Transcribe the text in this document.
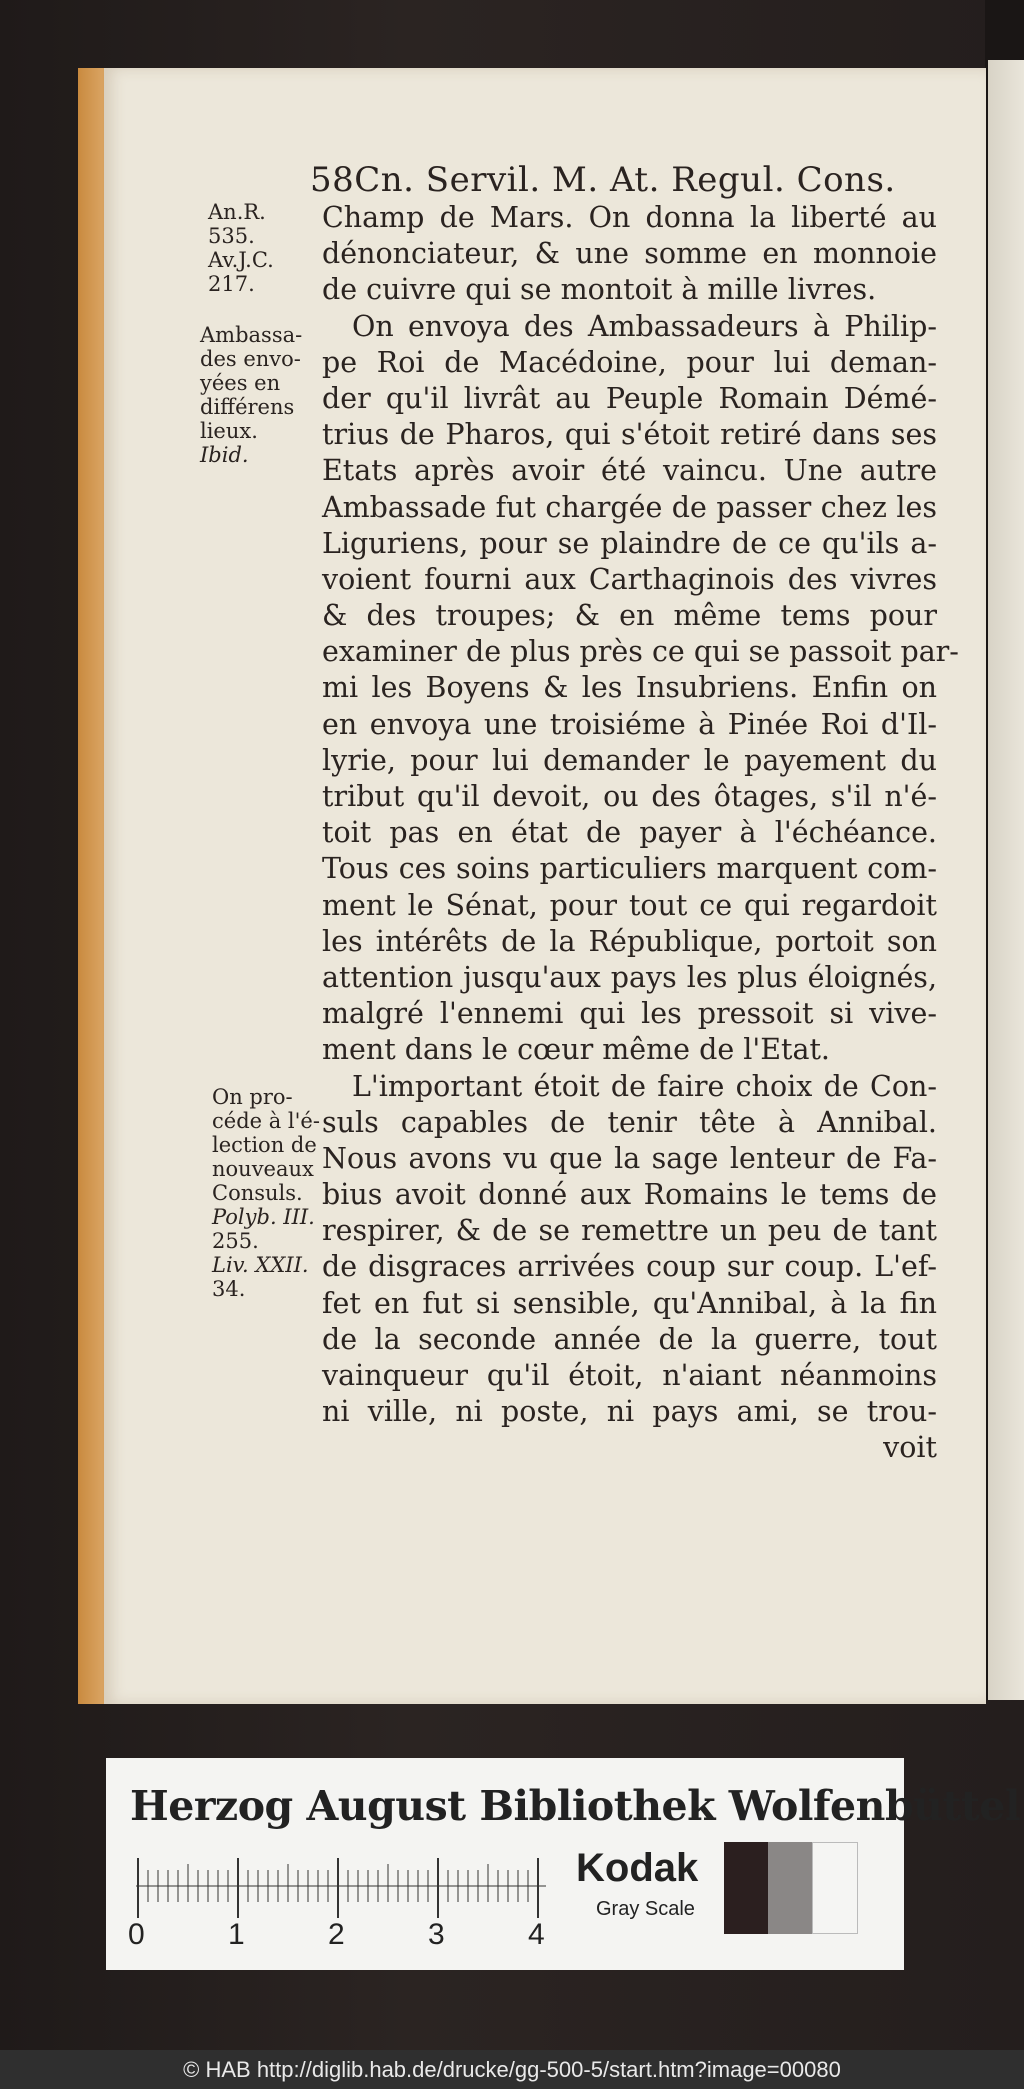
58Cn. Servil. M. At. Regul. Cons.
An.R.
535.
Av.J.C.
217.
Ambassa-
des envo-
yées en
différens
lieux.
Ibid.
On pro-
céde à l'é-
lection de
nouveaux
Consuls.
Polyb. III.
255.
Liv. XXII.
34.
Champ de Mars. On donna la liberté au
dénonciateur, & une somme en monnoie
de cuivre qui se montoit à mille livres.
On envoya des Ambassadeurs à Philip-
pe Roi de Macédoine, pour lui deman-
der qu'il livrât au Peuple Romain Démé-
trius de Pharos, qui s'étoit retiré dans ses
Etats après avoir été vaincu. Une autre
Ambassade fut chargée de passer chez les
Liguriens, pour se plaindre de ce qu'ils a-
voient fourni aux Carthaginois des vivres
& des troupes; & en même tems pour
examiner de plus près ce qui se passoit par-
mi les Boyens & les Insubriens. Enfin on
en envoya une troisiéme à Pinée Roi d'Il-
lyrie, pour lui demander le payement du
tribut qu'il devoit, ou des ôtages, s'il n'é-
toit pas en état de payer à l'échéance.
Tous ces soins particuliers marquent com-
ment le Sénat, pour tout ce qui regardoit
les intérêts de la République, portoit son
attention jusqu'aux pays les plus éloignés,
malgré l'ennemi qui les pressoit si vive-
ment dans le cœur même de l'Etat.
L'important étoit de faire choix de Con-
suls capables de tenir tête à Annibal.
Nous avons vu que la sage lenteur de Fa-
bius avoit donné aux Romains le tems de
respirer, & de se remettre un peu de tant
de disgraces arrivées coup sur coup. L'ef-
fet en fut si sensible, qu'Annibal, à la fin
de la seconde année de la guerre, tout
vainqueur qu'il étoit, n'aiant néanmoins
ni ville, ni poste, ni pays ami, se trou-
voit
Herzog August Bibliothek Wolfenbüttel
0	1	2	3	4
Kodak
Gray Scale
© HAB http://diglib.hab.de/drucke/gg-500-5/start.htm?image=00080
